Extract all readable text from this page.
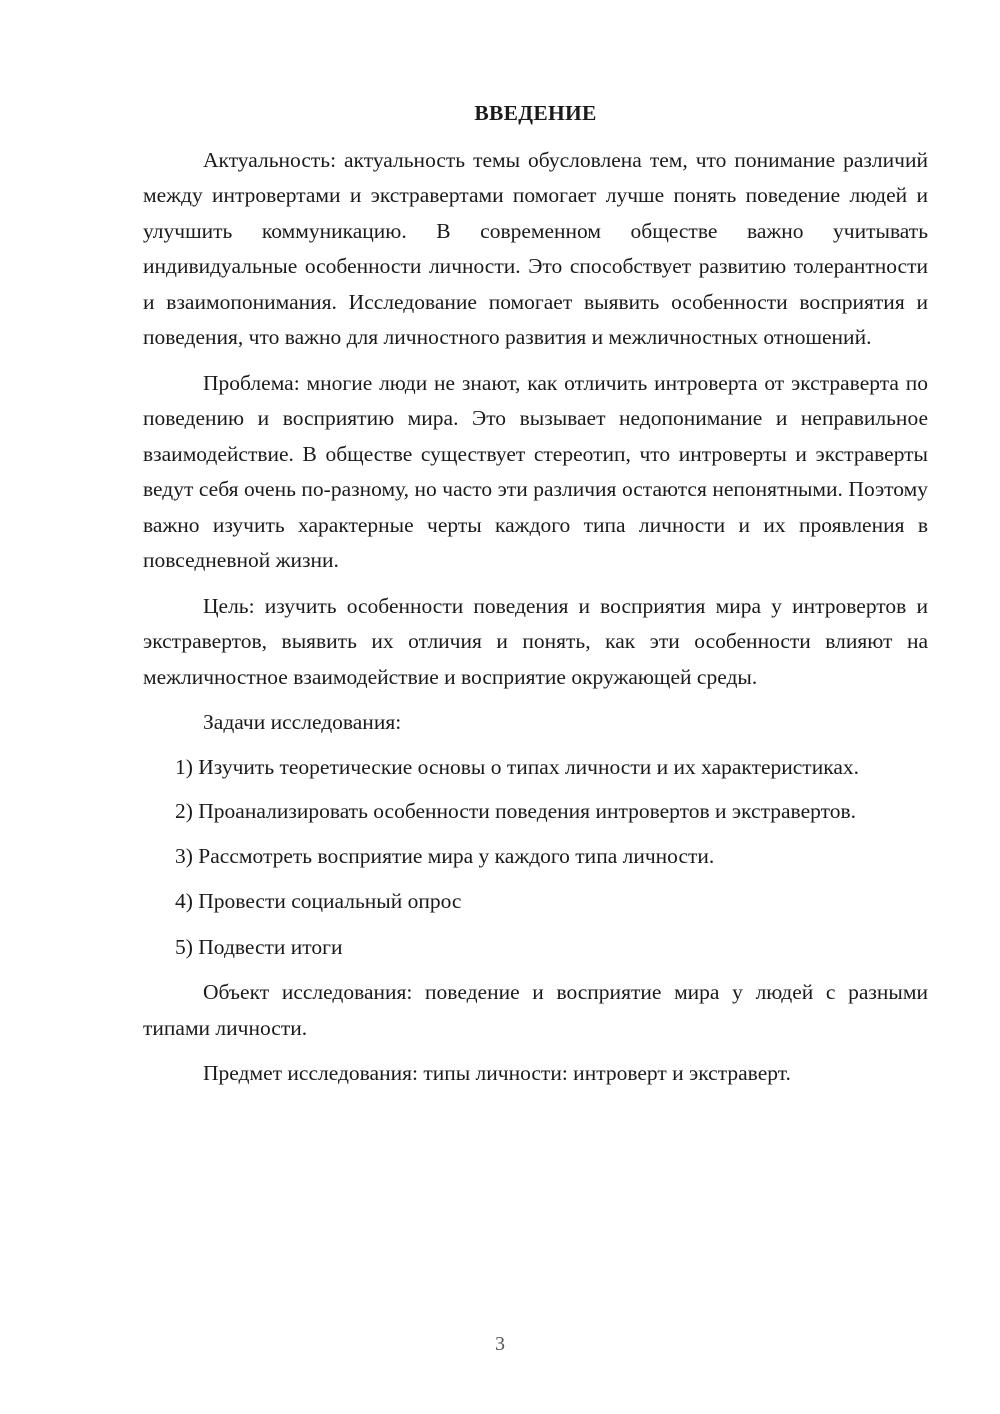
ВВЕДЕНИЕ

Актуальность: актуальность темы обусловлена тем, что понимание различий между интровертами и экстравертами помогает лучше понять поведение людей и улучшить коммуникацию. В современном обществе важно учитывать индивидуальные особенности личности. Это способствует развитию толерантности и взаимопонимания. Исследование помогает выявить особенности восприятия и поведения, что важно для личностного развития и межличностных отношений.

Проблема: многие люди не знают, как отличить интроверта от экстраверта по поведению и восприятию мира. Это вызывает недопонимание и неправильное взаимодействие. В обществе существует стереотип, что интроверты и экстраверты ведут себя очень по-разному, но часто эти различия остаются непонятными. Поэтому важно изучить характерные черты каждого типа личности и их проявления в повседневной жизни.

Цель: изучить особенности поведения и восприятия мира у интровертов и экстравертов, выявить их отличия и понять, как эти особенности влияют на межличностное взаимодействие и восприятие окружающей среды.

Задачи исследования:

1) Изучить теоретические основы о типах личности и их характеристиках.

2) Проанализировать особенности поведения интровертов и экстравертов.

3) Рассмотреть восприятие мира у каждого типа личности.

4) Провести социальный опрос

5) Подвести итоги

Объект исследования: поведение и восприятие мира у людей с разными типами личности.

Предмет исследования: типы личности: интроверт и экстраверт.

3
